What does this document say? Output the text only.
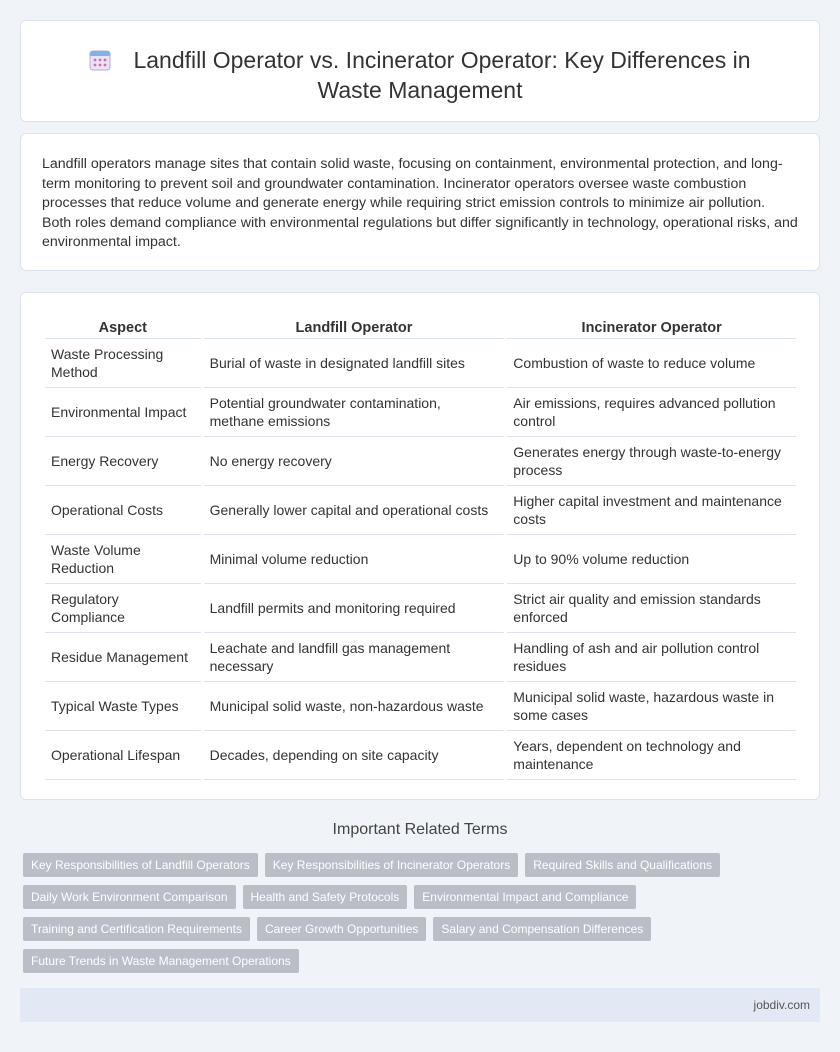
Landfill Operator vs. Incinerator Operator: Key Differences in Waste Management

Landfill operators manage sites that contain solid waste, focusing on containment, environmental protection, and long-term monitoring to prevent soil and groundwater contamination. Incinerator operators oversee waste combustion processes that reduce volume and generate energy while requiring strict emission controls to minimize air pollution. Both roles demand compliance with environmental regulations but differ significantly in technology, operational risks, and environmental impact.

Aspect	Landfill Operator	Incinerator Operator
Waste Processing Method	Burial of waste in designated landfill sites	Combustion of waste to reduce volume
Environmental Impact	Potential groundwater contamination, methane emissions	Air emissions, requires advanced pollution control
Energy Recovery	No energy recovery	Generates energy through waste-to-energy process
Operational Costs	Generally lower capital and operational costs	Higher capital investment and maintenance costs
Waste Volume Reduction	Minimal volume reduction	Up to 90% volume reduction
Regulatory Compliance	Landfill permits and monitoring required	Strict air quality and emission standards enforced
Residue Management	Leachate and landfill gas management necessary	Handling of ash and air pollution control residues
Typical Waste Types	Municipal solid waste, non-hazardous waste	Municipal solid waste, hazardous waste in some cases
Operational Lifespan	Decades, depending on site capacity	Years, dependent on technology and maintenance
Important Related Terms
Key Responsibilities of Landfill Operators	Key Responsibilities of Incinerator Operators	Required Skills and Qualifications
Daily Work Environment Comparison	Health and Safety Protocols	Environmental Impact and Compliance
Training and Certification Requirements	Career Growth Opportunities	Salary and Compensation Differences
Future Trends in Waste Management Operations
jobdiv.com
